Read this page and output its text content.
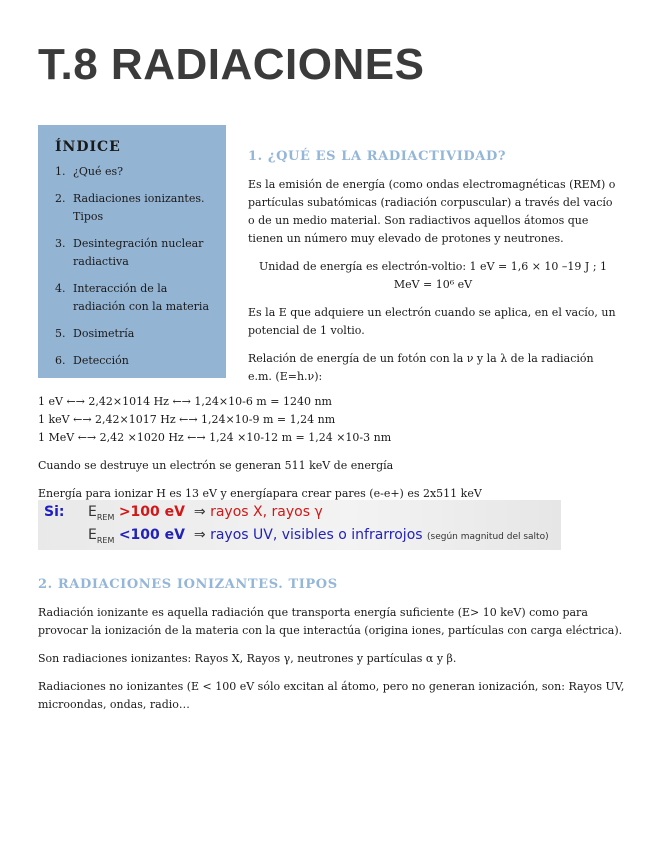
T.8 RADIACIONES
ÍNDICE
1. ¿Qué es?
2. Radiaciones ionizantes. Tipos
3. Desintegración nuclear radiactiva
4. Interacción de la radiación con la materia
5. Dosimetría
6. Detección
1. ¿QUÉ ES LA RADIACTIVIDAD?

Es la emisión de energía (como ondas electromagnéticas (REM) o partículas subatómicas (radiación corpuscular) a través del vacío o de un medio material. Son radiactivos aquellos átomos que tienen un número muy elevado de protones y neutrones.

Unidad de energía es electrón-voltio: 1 eV = 1,6 × 10 –19 J ; 1 MeV = 10⁶ eV

Es la E que adquiere un electrón cuando se aplica, en el vacío, un potencial de 1 voltio.

Relación de energía de un fotón con la ν y la λ de la radiación e.m. (E=h.ν):

1 eV ←→ 2,42×1014 Hz ←→ 1,24×10-6 m = 1240 nm
1 keV ←→ 2,42×1017 Hz ←→ 1,24×10-9 m = 1,24 nm
1 MeV ←→ 2,42 ×1020 Hz ←→ 1,24 ×10-12 m = 1,24 ×10-3 nm

Cuando se destruye un electrón se generan 511 keV de energía

Energía para ionizar H es 13 eV y energíapara crear pares (e-e+) es 2x511 keV

Si: $E_{REM} >100$ eV ⇒ rayos X, rayos γ
$E_{REM} <100$ eV ⇒ rayos UV, visibles o infrarrojos (según magnitud del salto)
2. RADIACIONES IONIZANTES. TIPOS

Radiación ionizante es aquella radiación que transporta energía suficiente (E> 10 keV) como para provocar la ionización de la materia con la que interactúa (origina iones, partículas con carga eléctrica).

Son radiaciones ionizantes: Rayos X, Rayos γ, neutrones y partículas α y β.

Radiaciones no ionizantes (E < 100 eV sólo excitan al átomo, pero no generan ionización, son: Rayos UV, microondas, ondas, radio…
